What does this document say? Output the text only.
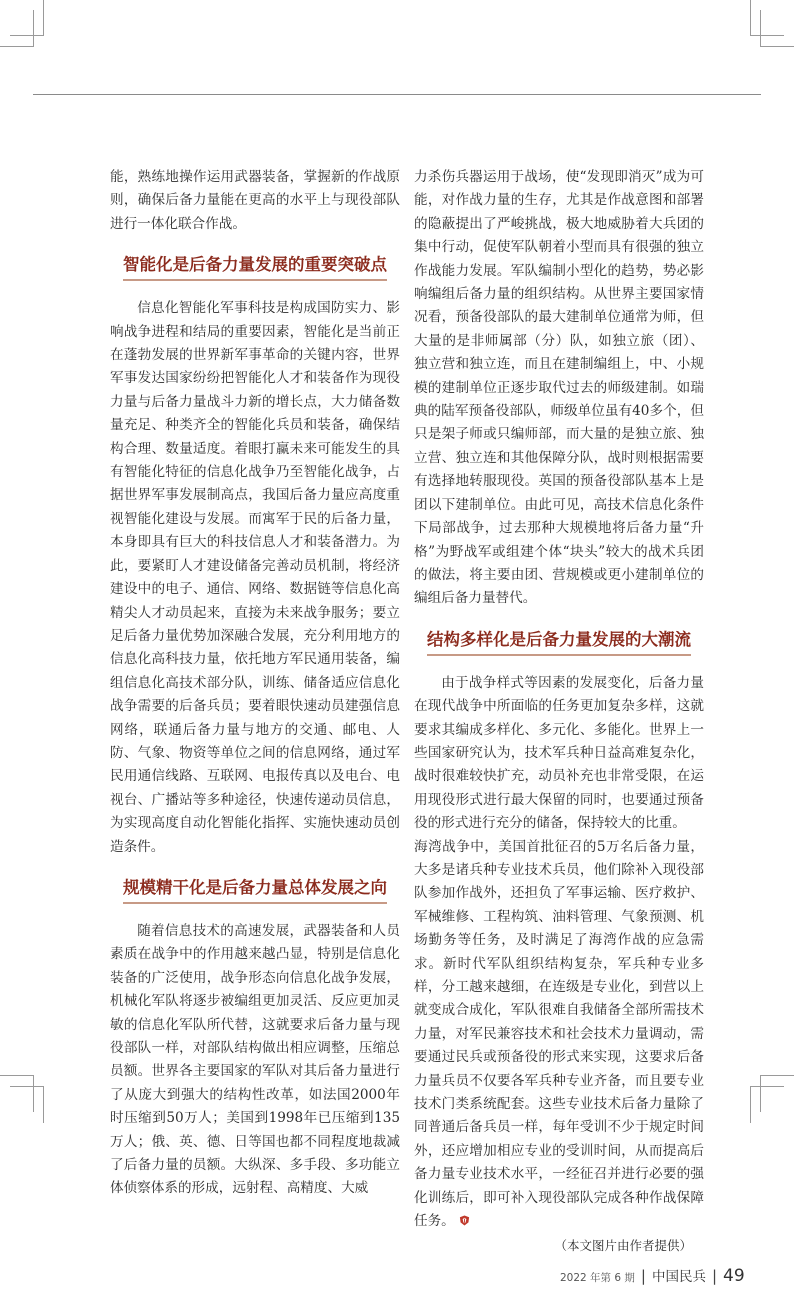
能，熟练地操作运用武器装备，掌握新的作战原则，确保后备力量能在更高的水平上与现役部队进行一体化联合作战。

智能化是后备力量发展的重要突破点

信息化智能化军事科技是构成国防实力、影响战争进程和结局的重要因素，智能化是当前正在蓬勃发展的世界新军事革命的关键内容，世界军事发达国家纷纷把智能化人才和装备作为现役力量与后备力量战斗力新的增长点，大力储备数量充足、种类齐全的智能化兵员和装备，确保结构合理、数量适度。着眼打赢未来可能发生的具有智能化特征的信息化战争乃至智能化战争，占据世界军事发展制高点，我国后备力量应高度重视智能化建设与发展。而寓军于民的后备力量，本身即具有巨大的科技信息人才和装备潜力。为此，要紧盯人才建设储备完善动员机制，将经济建设中的电子、通信、网络、数据链等信息化高精尖人才动员起来，直接为未来战争服务；要立足后备力量优势加深融合发展，充分利用地方的信息化高科技力量，依托地方军民通用装备，编组信息化高技术部分队，训练、储备适应信息化战争需要的后备兵员；要着眼快速动员建强信息网络，联通后备力量与地方的交通、邮电、人防、气象、物资等单位之间的信息网络，通过军民用通信线路、互联网、电报传真以及电台、电视台、广播站等多种途径，快速传递动员信息，为实现高度自动化智能化指挥、实施快速动员创造条件。

规模精干化是后备力量总体发展之向

随着信息技术的高速发展，武器装备和人员素质在战争中的作用越来越凸显，特别是信息化装备的广泛使用，战争形态向信息化战争发展，机械化军队将逐步被编组更加灵活、反应更加灵敏的信息化军队所代替，这就要求后备力量与现役部队一样，对部队结构做出相应调整，压缩总员额。世界各主要国家的军队对其后备力量进行了从庞大到强大的结构性改革，如法国2000年时压缩到50万人；美国到1998年已压缩到135万人；俄、英、德、日等国也都不同程度地裁减了后备力量的员额。大纵深、多手段、多功能立体侦察体系的形成，远射程、高精度、大威

力杀伤兵器运用于战场，使“发现即消灭”成为可能，对作战力量的生存，尤其是作战意图和部署的隐蔽提出了严峻挑战，极大地威胁着大兵团的集中行动，促使军队朝着小型而具有很强的独立作战能力发展。军队编制小型化的趋势，势必影响编组后备力量的组织结构。从世界主要国家情况看，预备役部队的最大建制单位通常为师，但大量的是非师属部（分）队，如独立旅（团）、独立营和独立连，而且在建制编组上，中、小规模的建制单位正逐步取代过去的师级建制。如瑞典的陆军预备役部队，师级单位虽有40多个，但只是架子师或只编师部，而大量的是独立旅、独立营、独立连和其他保障分队，战时则根据需要有选择地转服现役。英国的预备役部队基本上是团以下建制单位。由此可见，高技术信息化条件下局部战争，过去那种大规模地将后备力量“升格”为野战军或组建个体“块头”较大的战术兵团的做法，将主要由团、营规模或更小建制单位的编组后备力量替代。

结构多样化是后备力量发展的大潮流

由于战争样式等因素的发展变化，后备力量在现代战争中所面临的任务更加复杂多样，这就要求其编成多样化、多元化、多能化。世界上一些国家研究认为，技术军兵种日益高难复杂化，战时很难较快扩充，动员补充也非常受限，在运用现役形式进行最大保留的同时，也要通过预备役的形式进行充分的储备，保持较大的比重。

海湾战争中，美国首批征召的5万名后备力量，大多是诸兵种专业技术兵员，他们除补入现役部队参加作战外，还担负了军事运输、医疗救护、军械维修、工程构筑、油料管理、气象预测、机场勤务等任务，及时满足了海湾作战的应急需求。新时代军队组织结构复杂，军兵种专业多样，分工越来越细，在连级是专业化，到营以上就变成合成化，军队很难自我储备全部所需技术力量，对军民兼容技术和社会技术力量调动，需要通过民兵或预备役的形式来实现，这要求后备力量兵员不仅要各军兵种专业齐备，而且要专业技术门类系统配套。这些专业技术后备力量除了同普通后备兵员一样，每年受训不少于规定时间外，还应增加相应专业的受训时间，从而提高后备力量专业技术水平，一经征召并进行必要的强化训练后，即可补入现役部队完成各种作战保障任务。

（本文图片由作者提供）

2022 年第 6 期 | 中国民兵 | 49
